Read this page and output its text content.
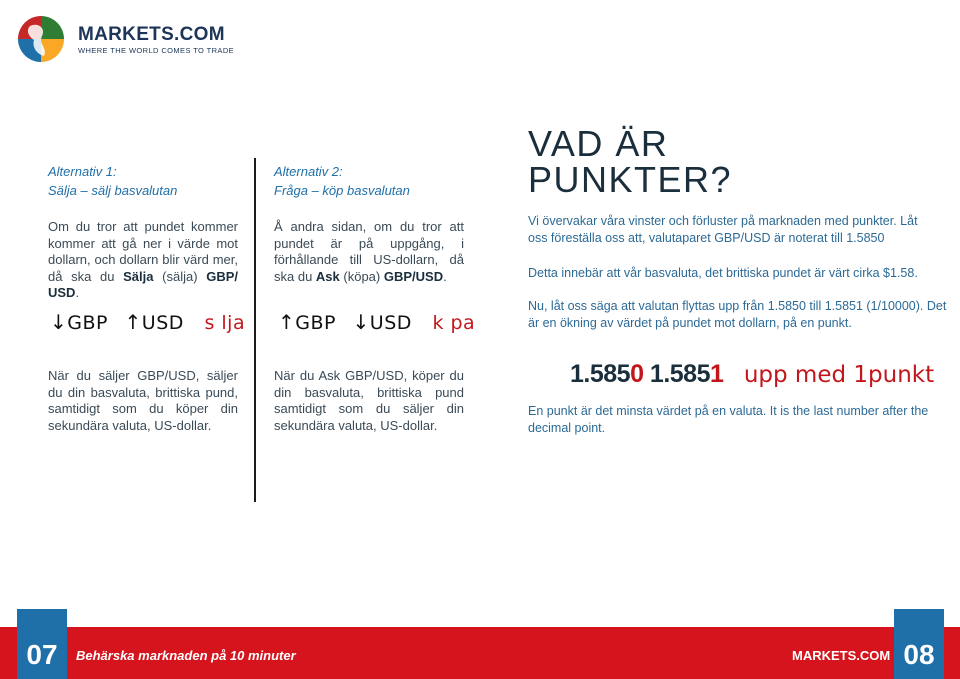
MARKETS.COM
WHERE THE WORLD COMES TO TRADE
Alternativ 1:
Sälja – sälj basvalutan
Om du tror att pundet kommer kommer att gå ner i värde mot dollarn, och dollarn blir värd mer, då ska du Sälja (sälja) GBP/ USD.
↓GBP ↑USD s lja
När du säljer GBP/USD, säljer du din basvaluta, brittiska pund, samtidigt som du köper din sekundära valuta, US-dollar.
Alternativ 2:
Fråga – köp basvalutan
Å andra sidan, om du tror att pundet är på uppgång, i förhållande till US-dollarn, då ska du Ask (köpa) GBP/USD.
↑GBP ↓USD k pa
När du Ask GBP/USD, köper du din basvaluta, brittiska pund samtidigt som du säljer din sekundära valuta, US-dollar.
VAD ÄR
PUNKTER?
Vi övervakar våra vinster och förluster på marknaden med punkter. Låt oss föreställa oss att, valutaparet GBP/USD är noterat till 1.5850
Detta innebär att vår basvaluta, det brittiska pundet är värt cirka $1.58.
Nu, låt oss säga att valutan flyttas upp från 1.5850 till 1.5851 (1/10000). Det är en ökning av värdet på pundet mot dollarn, på en punkt.
1.5850 1.5851 upp med 1punkt
En punkt är det minsta värdet på en valuta. It is the last number after the decimal point.
07	Behärska marknaden på 10 minuter	MARKETS.COM 08
